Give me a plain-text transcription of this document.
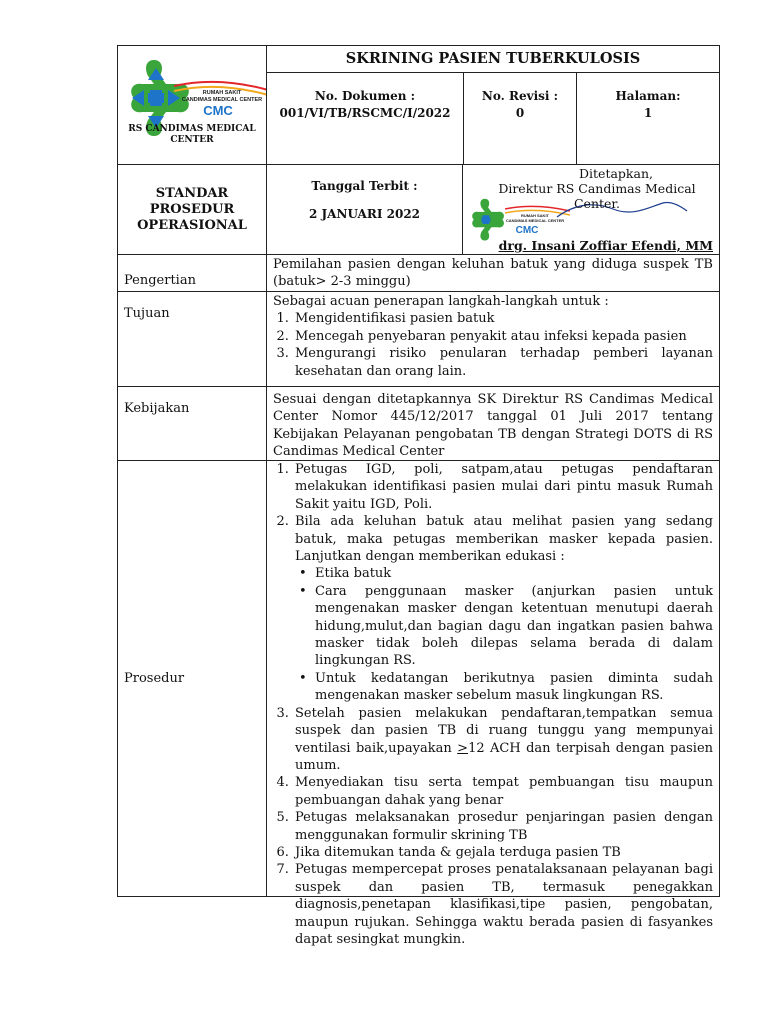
RUMAH SAKIT
CANDIMAS MEDICAL CENTER
CMC
RS CANDIMAS MEDICAL CENTER
SKRINING PASIEN TUBERKULOSIS
No. Dokumen :
001/VI/TB/RSCMC/I/2022
No. Revisi :
0
Halaman:
1
STANDAR PROSEDUR OPERASIONAL
Tanggal Terbit :
2 JANUARI 2022	RUMAH SAKIT
CANDIMAS MEDICAL CENTER
CMC
Ditetapkan,
Direktur RS Candimas Medical Center.
drg. Insani Zoffiar Efendi, MM
Pengertian
Pemilahan pasien dengan keluhan batuk yang diduga suspek TB (batuk> 2-3 minggu)
Tujuan

Sebagai acuan penerapan langkah-langkah untuk :

1. Mengidentifikasi pasien batuk
2. Mencegah penyebaran penyakit atau infeksi kepada pasien
3. Mengurangi risiko penularan terhadap pemberi layanan kesehatan dan orang lain.
Kebijakan
Sesuai dengan ditetapkannya SK Direktur RS Candimas Medical Center Nomor 445/12/2017 tanggal 01 Juli 2017 tentang Kebijakan Pelayanan pengobatan TB dengan Strategi DOTS di RS Candimas Medical Center
Prosedur
1. Petugas IGD, poli, satpam,atau petugas pendaftaran melakukan identifikasi pasien mulai dari pintu masuk Rumah Sakit yaitu IGD, Poli.
2. Bila ada keluhan batuk atau melihat pasien yang sedang batuk, maka petugas memberikan masker kepada pasien. Lanjutkan dengan memberikan edukasi :
• Etika batuk
• Cara penggunaan masker (anjurkan pasien untuk mengenakan masker dengan ketentuan menutupi daerah hidung,mulut,dan bagian dagu dan ingatkan pasien bahwa masker tidak boleh dilepas selama berada di dalam lingkungan RS.
• Untuk kedatangan berikutnya pasien diminta sudah mengenakan masker sebelum masuk lingkungan RS.
3. Setelah pasien melakukan pendaftaran,tempatkan semua suspek dan pasien TB di ruang tunggu yang mempunyai ventilasi baik,upayakan ≥12 ACH dan terpisah dengan pasien umum.
4. Menyediakan tisu serta tempat pembuangan tisu maupun pembuangan dahak yang benar
5. Petugas melaksanakan prosedur penjaringan pasien dengan menggunakan formulir skrining TB
6. Jika ditemukan tanda & gejala terduga pasien TB
7. Petugas mempercepat proses penatalaksanaan pelayanan bagi suspek dan pasien TB, termasuk penegakkan diagnosis,penetapan klasifikasi,tipe pasien, pengobatan, maupun rujukan. Sehingga waktu berada pasien di fasyankes dapat sesingkat mungkin.
